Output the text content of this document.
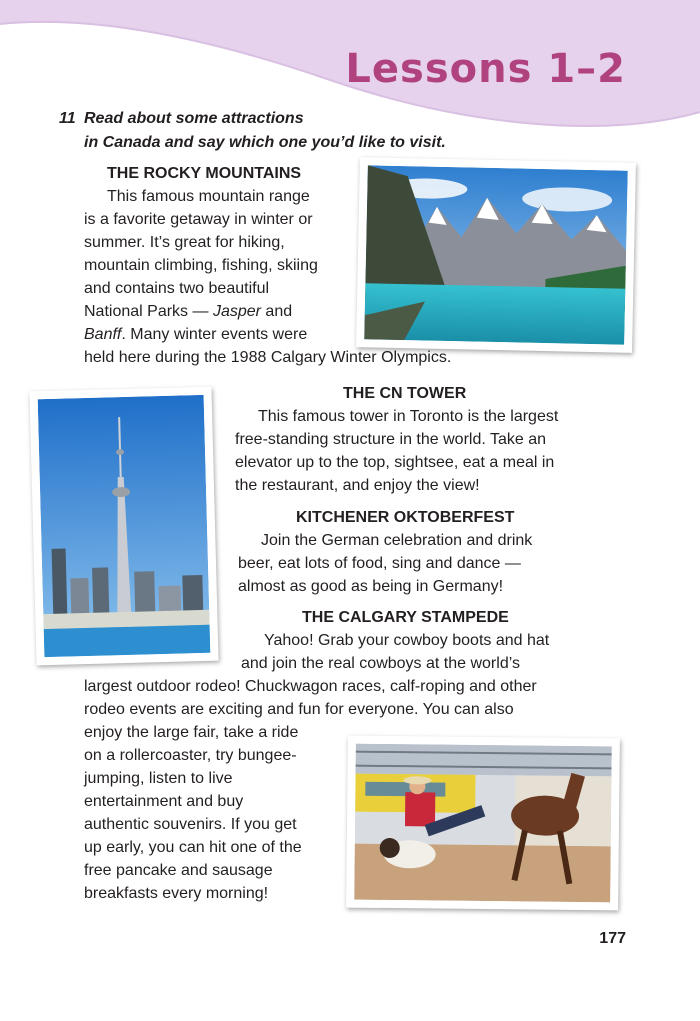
Lessons 1–2
11 Read about some attractions
in Canada and say which one you’d like to visit.
THE ROCKY MOUNTAINS
This famous mountain range
is a favorite getaway in winter or
summer. It’s great for hiking,
mountain climbing, fishing, skiing
and contains two beautiful
National Parks — Jasper and
Banff. Many winter events were
held here during the 1988 Calgary Winter Olympics.
THE CN TOWER
This famous tower in Toronto is the largest
free-standing structure in the world. Take an
elevator up to the top, sightsee, eat a meal in
the restaurant, and enjoy the view!
KITCHENER OKTOBERFEST
Join the German celebration and drink
beer, eat lots of food, sing and dance —
almost as good as being in Germany!
THE CALGARY STAMPEDE
Yahoo! Grab your cowboy boots and hat
and join the real cowboys at the world’s
largest outdoor rodeo! Chuckwagon races, calf-roping and other
rodeo events are exciting and fun for everyone. You can also
enjoy the large fair, take a ride
on a rollercoaster, try bungee-
jumping, listen to live
entertainment and buy
authentic souvenirs. If you get
up early, you can hit one of the
free pancake and sausage
breakfasts every morning!
177
